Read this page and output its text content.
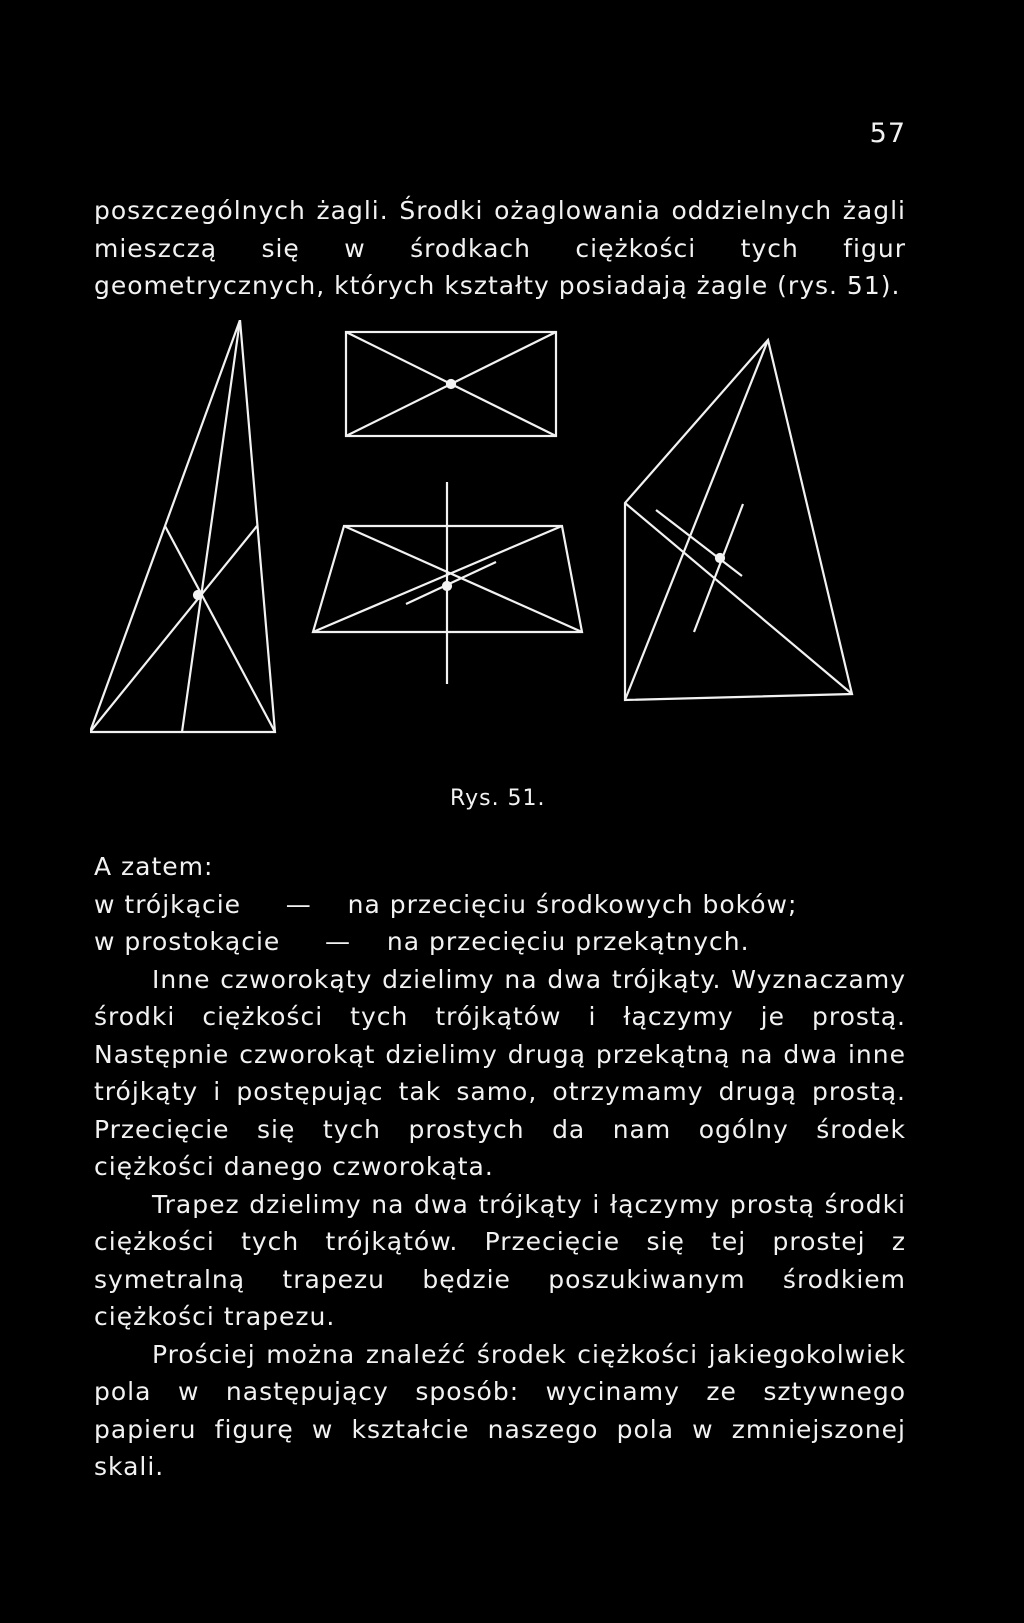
57

poszczególnych żagli. Środki ożaglowania oddzielnych żagli mieszczą się w środkach ciężkości tych figur geometrycznych, których kształty posiadają żagle (rys. 51).

Rys. 51.

A zatem:

w trójkącie — na przecięciu środkowych boków;

w prostokącie — na przecięciu przekątnych.

Inne czworokąty dzielimy na dwa trójkąty. Wyznaczamy środki ciężkości tych trójkątów i łączymy je prostą. Następnie czworokąt dzielimy drugą przekątną na dwa inne trójkąty i postępując tak samo, otrzymamy drugą prostą. Przecięcie się tych prostych da nam ogólny środek ciężkości danego czworokąta.

Trapez dzielimy na dwa trójkąty i łączymy prostą środki ciężkości tych trójkątów. Przecięcie się tej prostej z symetralną trapezu będzie poszukiwanym środkiem ciężkości trapezu.

Prościej można znaleźć środek ciężkości jakiegokolwiek pola w następujący sposób: wycinamy ze sztywnego papieru figurę w kształcie naszego pola w zmniejszonej skali.
